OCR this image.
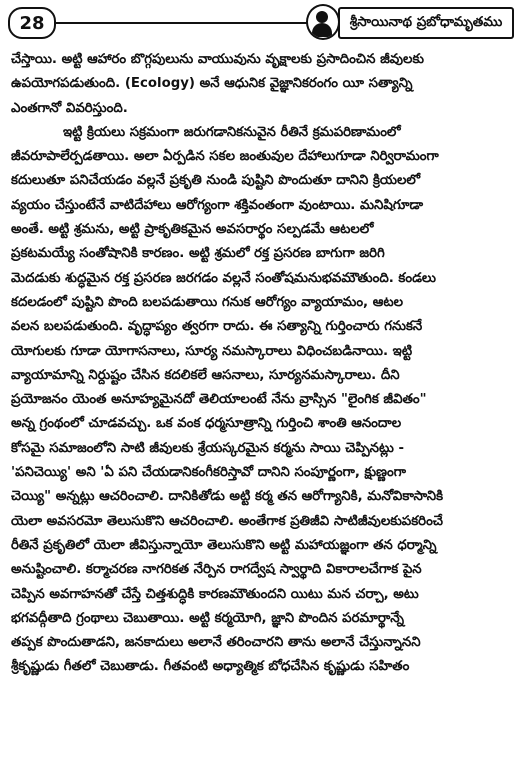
28	శ్రీసాయినాథ ప్రబోధామృతము
చేస్తాయి. అట్టి ఆహారం బొగ్గపులును వాయువును వృక్షాలకు ప్రసాదించిన జీవులకు
ఉపయోగపడుతుంది. (Ecology) అనే ఆధునిక వైజ్ఞానికరంగం యీ సత్యాన్ని
ఎంతగానో వివరిస్తుంది.
ఇట్టి క్రియలు సక్రమంగా జరుగడానికనువైన రీతినే క్రమపరిణామంలో
జీవరూపాలేర్పడతాయి. అలా ఏర్పడిన సకల జంతువుల దేహాలుగూడా నిర్విరామంగా
కదులుతూ పనిచేయడం వల్లనే ప్రకృతి నుండి పుష్టిని పొందుతూ దానిని క్రియలలో
వ్యయం చేస్తుంటేనే వాటిదేహాలు ఆరోగ్యంగా శక్తివంతంగా వుంటాయి. మనిషిగూడా
అంతే. అట్టి శ్రమను, అట్టి ప్రాకృతికమైన అవసరార్థం సల్పడమే ఆటలలో
ప్రకటమయ్యే సంతోషానికి కారణం. అట్టి శ్రమలో రక్త ప్రసరణ బాగుగా జరిగి
మెదడుకు శుద్ధమైన రక్త ప్రసరణ జరగడం వల్లనే సంతోషమనుభవమౌతుంది. కండలు
కదలడంలో పుష్టిని పొంది బలపడుతాయి గనుక ఆరోగ్యం వ్యాయామం, ఆటల
వలన బలపడుతుంది. వృద్ధాప్యం త్వరగా రాదు. ఈ సత్యాన్ని గుర్తించారు గనుకనే
యోగులకు గూడా యోగాసనాలు, సూర్య నమస్కారాలు విధించబడినాయి. ఇట్టి
వ్యాయామాన్ని నిర్దుష్టం చేసిన కదలికలే ఆసనాలు, సూర్యనమస్కారాలు. దీని
ప్రయోజనం యెంత అనూహ్యమైనదో తెలియాలంటే నేను వ్రాస్సిన "లైంగిక జీవితం"
అన్న గ్రంథంలో చూడవచ్చు. ఒక వంక ధర్మసూత్రాన్ని గుర్తించి శాంతి ఆనందాల
కోసమై సమాజంలోని సాటి జీవులకు శ్రేయస్కరమైన కర్మను సాయి చెప్పినట్లు -
'పనిచెయ్యి' అని 'ఏ పని చేయడానికంగీకరిస్తావో దానిని సంపూర్ణంగా, క్షుణ్ణంగా
చెయ్యి" అన్నట్లు ఆచరించాలి. దానికితోడు అట్టి కర్మ తన ఆరోగ్యానికి, మనోవికాసానికి
యెలా అవసరమో తెలుసుకొని ఆచరించాలి. అంతేగాక ప్రతిజీవి సాటిజీవులకుపకరించే
రీతినే ప్రకృతిలో యెలా జీవిస్తున్నాయో తెలుసుకొని అట్టి మహాయజ్ఞంగా తన ధర్మాన్ని
అనుష్టించాలి. కర్మాచరణ నాగరికత నేర్పిన రాగద్వేష స్వార్థాది వికారాలచేగాక పైన
చెప్పిన అవగాహనతో చేస్తే చిత్తశుద్ధికి కారణమౌతుందని యిటు మన చర్చా, అటు
భగవద్గీతాది గ్రంథాలు చెబుతాయి. అట్టి కర్మయోగి, జ్ఞాని పొందిన పరమార్థాన్నే
తప్పక పొందుతాడని, జనకాదులు అలానే తరించారని తాను అలానే చేస్తున్నానని
శ్రీకృష్ణుడు గీతలో చెబుతాడు. గీతవంటి అధ్యాత్మిక బోధచేసిన కృష్ణుడు సహితం
